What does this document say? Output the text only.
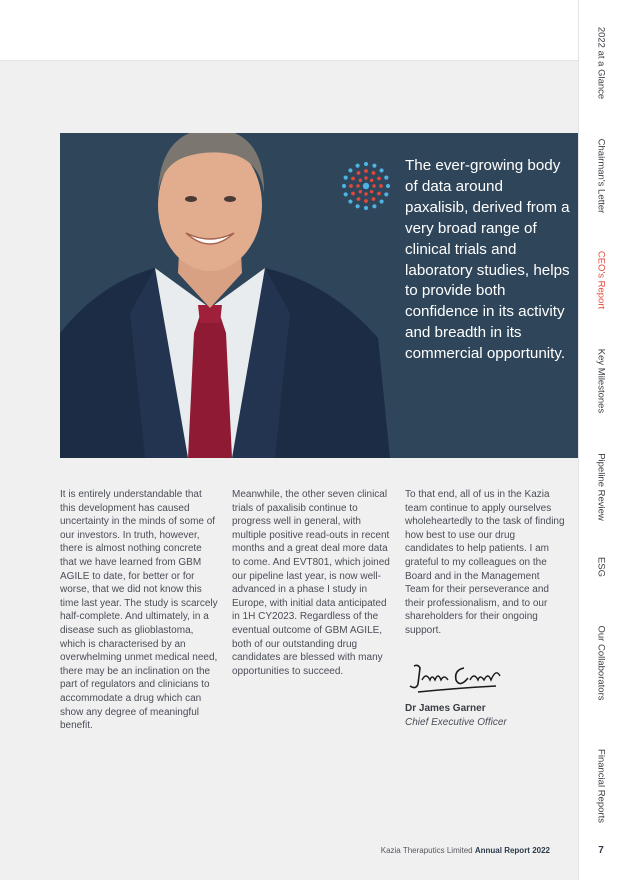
2022 at a Glance
Chairman's Letter
CEO's Report
Key Milestones
Pipeline Review
ESG
Our Collaborators
Financial Reports
7
The ever-growing body of data around paxalisib, derived from a very broad range of clinical trials and laboratory studies, helps to provide both confidence in its activity and breadth in its commercial opportunity.

It is entirely understandable that this development has caused uncertainty in the minds of some of our investors. In truth, however, there is almost nothing concrete that we have learned from GBM AGILE to date, for better or for worse, that we did not know this time last year. The study is scarcely half-complete. And ultimately, in a disease such as glioblastoma, which is characterised by an overwhelming unmet medical need, there may be an inclination on the part of regulators and clinicians to accommodate a drug which can show any degree of meaningful benefit.

Meanwhile, the other seven clinical trials of paxalisib continue to progress well in general, with multiple positive read-outs in recent months and a great deal more data to come. And EVT801, which joined our pipeline last year, is now well-advanced in a phase I study in Europe, with initial data anticipated in 1H CY2023. Regardless of the eventual outcome of GBM AGILE, both of our outstanding drug candidates are blessed with many opportunities to succeed.

To that end, all of us in the Kazia team continue to apply ourselves wholeheartedly to the task of finding how best to use our drug candidates to help patients. I am grateful to my colleagues on the Board and in the Management Team for their perseverance and their professionalism, and to our shareholders for their ongoing support.

Dr James Garner
Chief Executive Officer
Kazia Theraputics Limited Annual Report 2022
